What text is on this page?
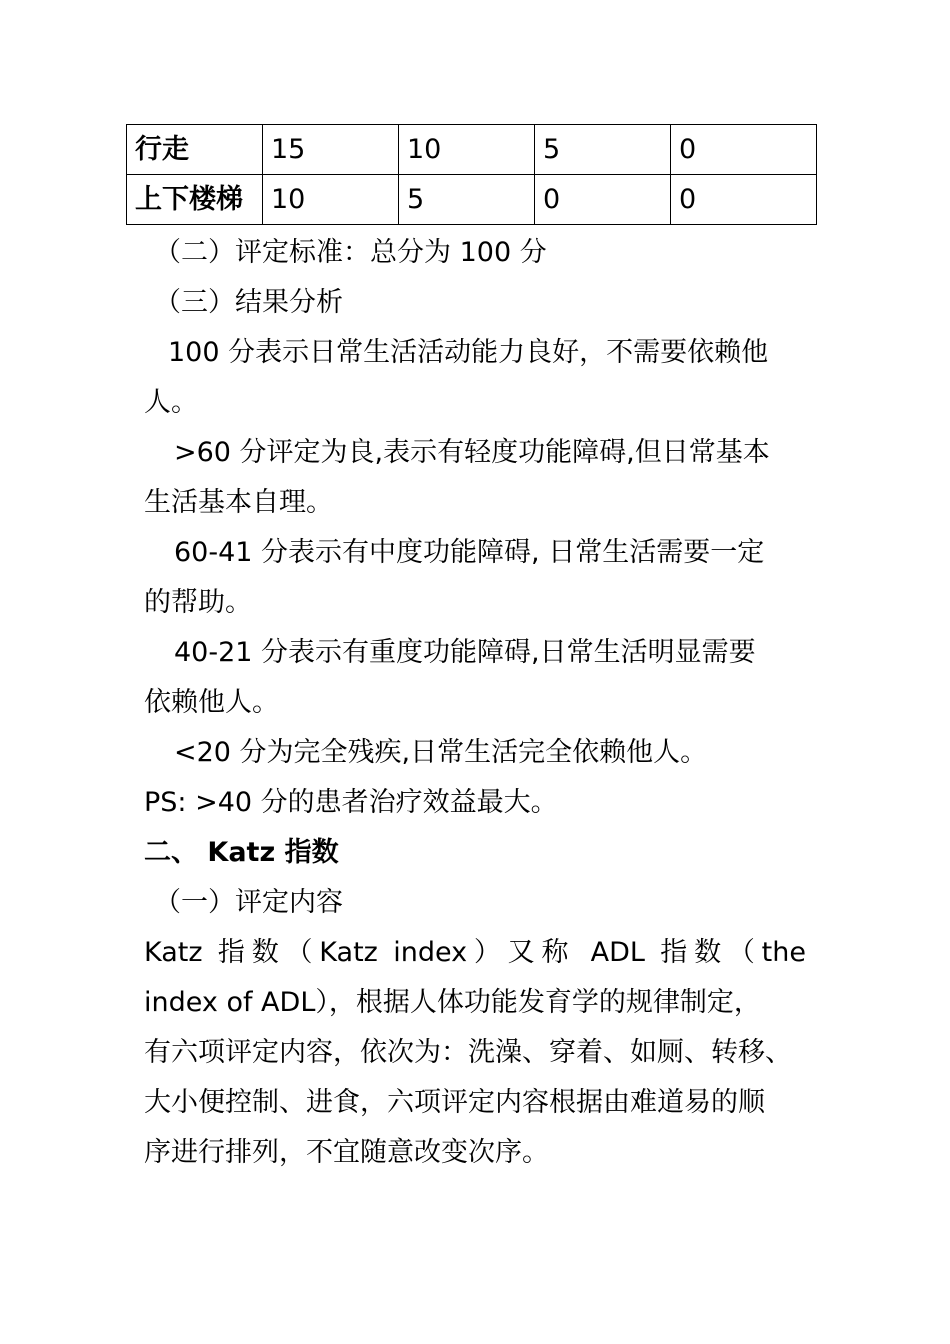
行走	15	10	5	0
上下楼梯	10	5	0	0
（二）评定标准：总分为 100 分
（三）结果分析
100 分表示日常生活活动能力良好，不需要依赖他
人。
>60 分评定为良,表示有轻度功能障碍,但日常基本
生活基本自理。
60-41 分表示有中度功能障碍, 日常生活需要一定
的帮助。
40-21 分表示有重度功能障碍,日常生活明显需要
依赖他人。
<20 分为完全残疾,日常生活完全依赖他人。
PS: >40 分的患者治疗效益最大。
二、 Katz 指数
（一）评定内容
Katz 指数（Katz index）又称 ADL 指数（the
index of ADL），根据人体功能发育学的规律制定，
有六项评定内容，依次为：洗澡、穿着、如厕、转移、
大小便控制、进食，六项评定内容根据由难道易的顺
序进行排列，不宜随意改变次序。
